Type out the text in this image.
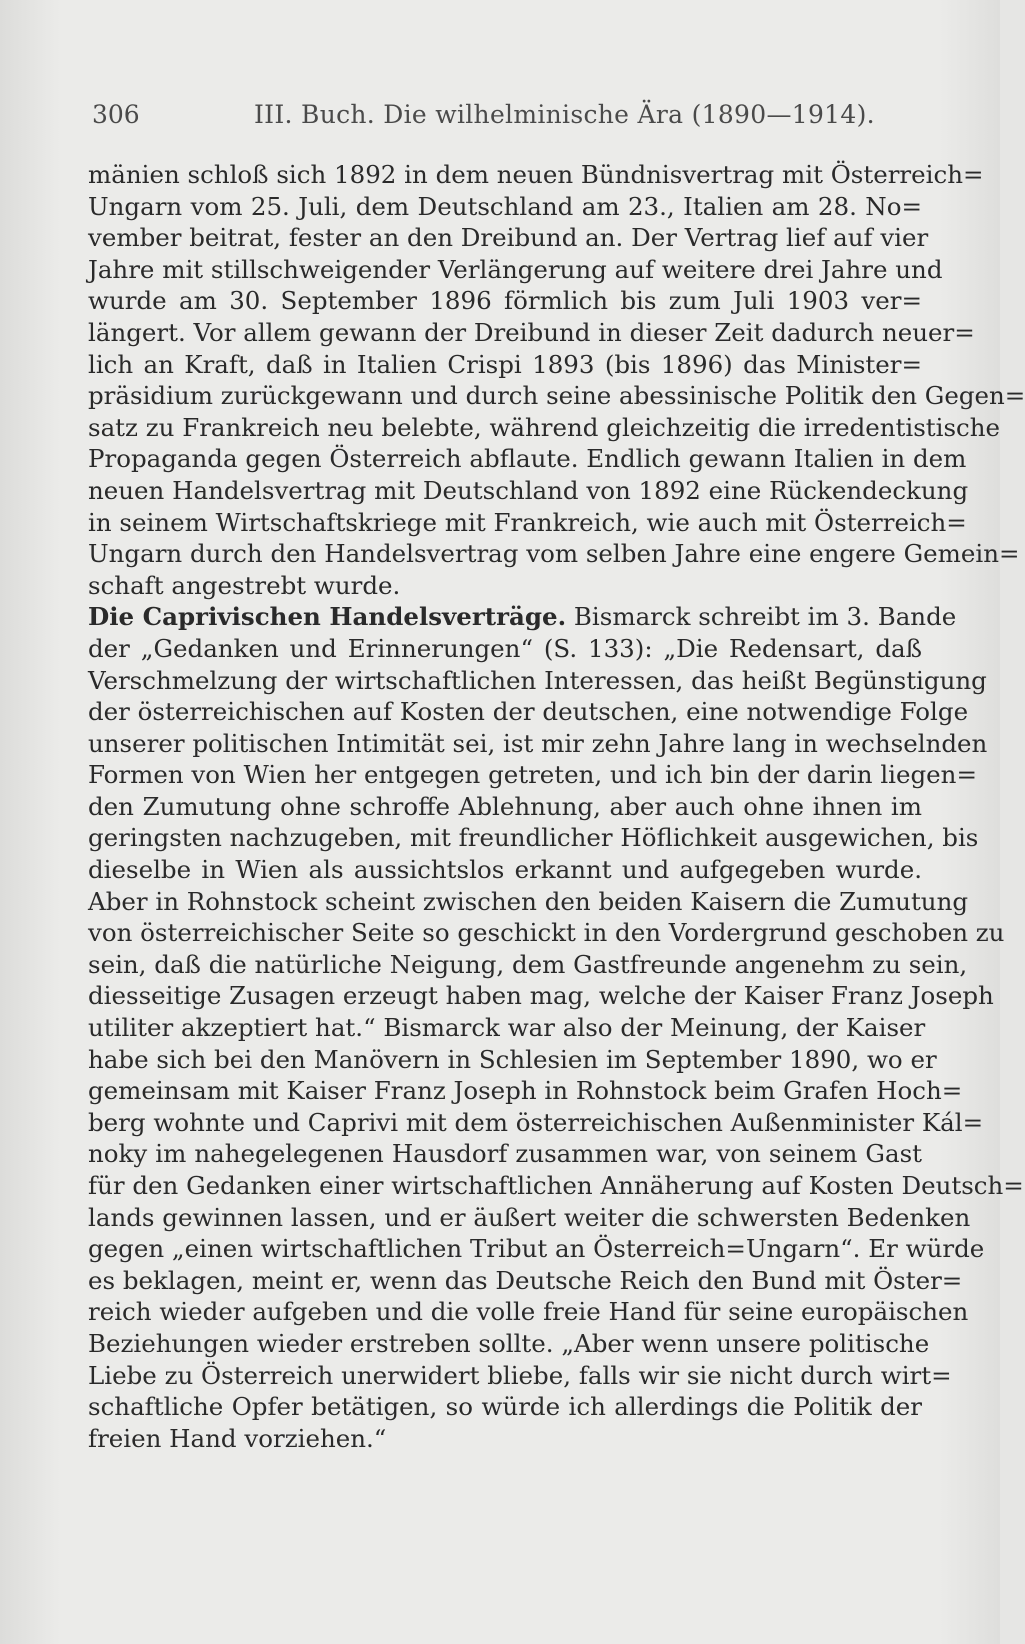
306	III. Buch. Die wilhelminische Ära (1890—1914).
mänien schloß sich 1892 in dem neuen Bündnisvertrag mit Österreich=
Ungarn vom 25. Juli, dem Deutschland am 23., Italien am 28. No=
vember beitrat, fester an den Dreibund an. Der Vertrag lief auf vier
Jahre mit stillschweigender Verlängerung auf weitere drei Jahre und
wurde am 30. September 1896 förmlich bis zum Juli 1903 ver=
längert. Vor allem gewann der Dreibund in dieser Zeit dadurch neuer=
lich an Kraft, daß in Italien Crispi 1893 (bis 1896) das Minister=
präsidium zurückgewann und durch seine abessinische Politik den Gegen=
satz zu Frankreich neu belebte, während gleichzeitig die irredentistische
Propaganda gegen Österreich abflaute. Endlich gewann Italien in dem
neuen Handelsvertrag mit Deutschland von 1892 eine Rückendeckung
in seinem Wirtschaftskriege mit Frankreich, wie auch mit Österreich=
Ungarn durch den Handelsvertrag vom selben Jahre eine engere Gemein=
schaft angestrebt wurde.
Die Caprivischen Handelsverträge. Bismarck schreibt im 3. Bande
der „Gedanken und Erinnerungen“ (S. 133): „Die Redensart, daß
Verschmelzung der wirtschaftlichen Interessen, das heißt Begünstigung
der österreichischen auf Kosten der deutschen, eine notwendige Folge
unserer politischen Intimität sei, ist mir zehn Jahre lang in wechselnden
Formen von Wien her entgegen getreten, und ich bin der darin liegen=
den Zumutung ohne schroffe Ablehnung, aber auch ohne ihnen im
geringsten nachzugeben, mit freundlicher Höflichkeit ausgewichen, bis
dieselbe in Wien als aussichtslos erkannt und aufgegeben wurde.
Aber in Rohnstock scheint zwischen den beiden Kaisern die Zumutung
von österreichischer Seite so geschickt in den Vordergrund geschoben zu
sein, daß die natürliche Neigung, dem Gastfreunde angenehm zu sein,
diesseitige Zusagen erzeugt haben mag, welche der Kaiser Franz Joseph
utiliter akzeptiert hat.“ Bismarck war also der Meinung, der Kaiser
habe sich bei den Manövern in Schlesien im September 1890, wo er
gemeinsam mit Kaiser Franz Joseph in Rohnstock beim Grafen Hoch=
berg wohnte und Caprivi mit dem österreichischen Außenminister Kál=
noky im nahegelegenen Hausdorf zusammen war, von seinem Gast
für den Gedanken einer wirtschaftlichen Annäherung auf Kosten Deutsch=
lands gewinnen lassen, und er äußert weiter die schwersten Bedenken
gegen „einen wirtschaftlichen Tribut an Österreich=Ungarn“. Er würde
es beklagen, meint er, wenn das Deutsche Reich den Bund mit Öster=
reich wieder aufgeben und die volle freie Hand für seine europäischen
Beziehungen wieder erstreben sollte. „Aber wenn unsere politische
Liebe zu Österreich unerwidert bliebe, falls wir sie nicht durch wirt=
schaftliche Opfer betätigen, so würde ich allerdings die Politik der
freien Hand vorziehen.“
